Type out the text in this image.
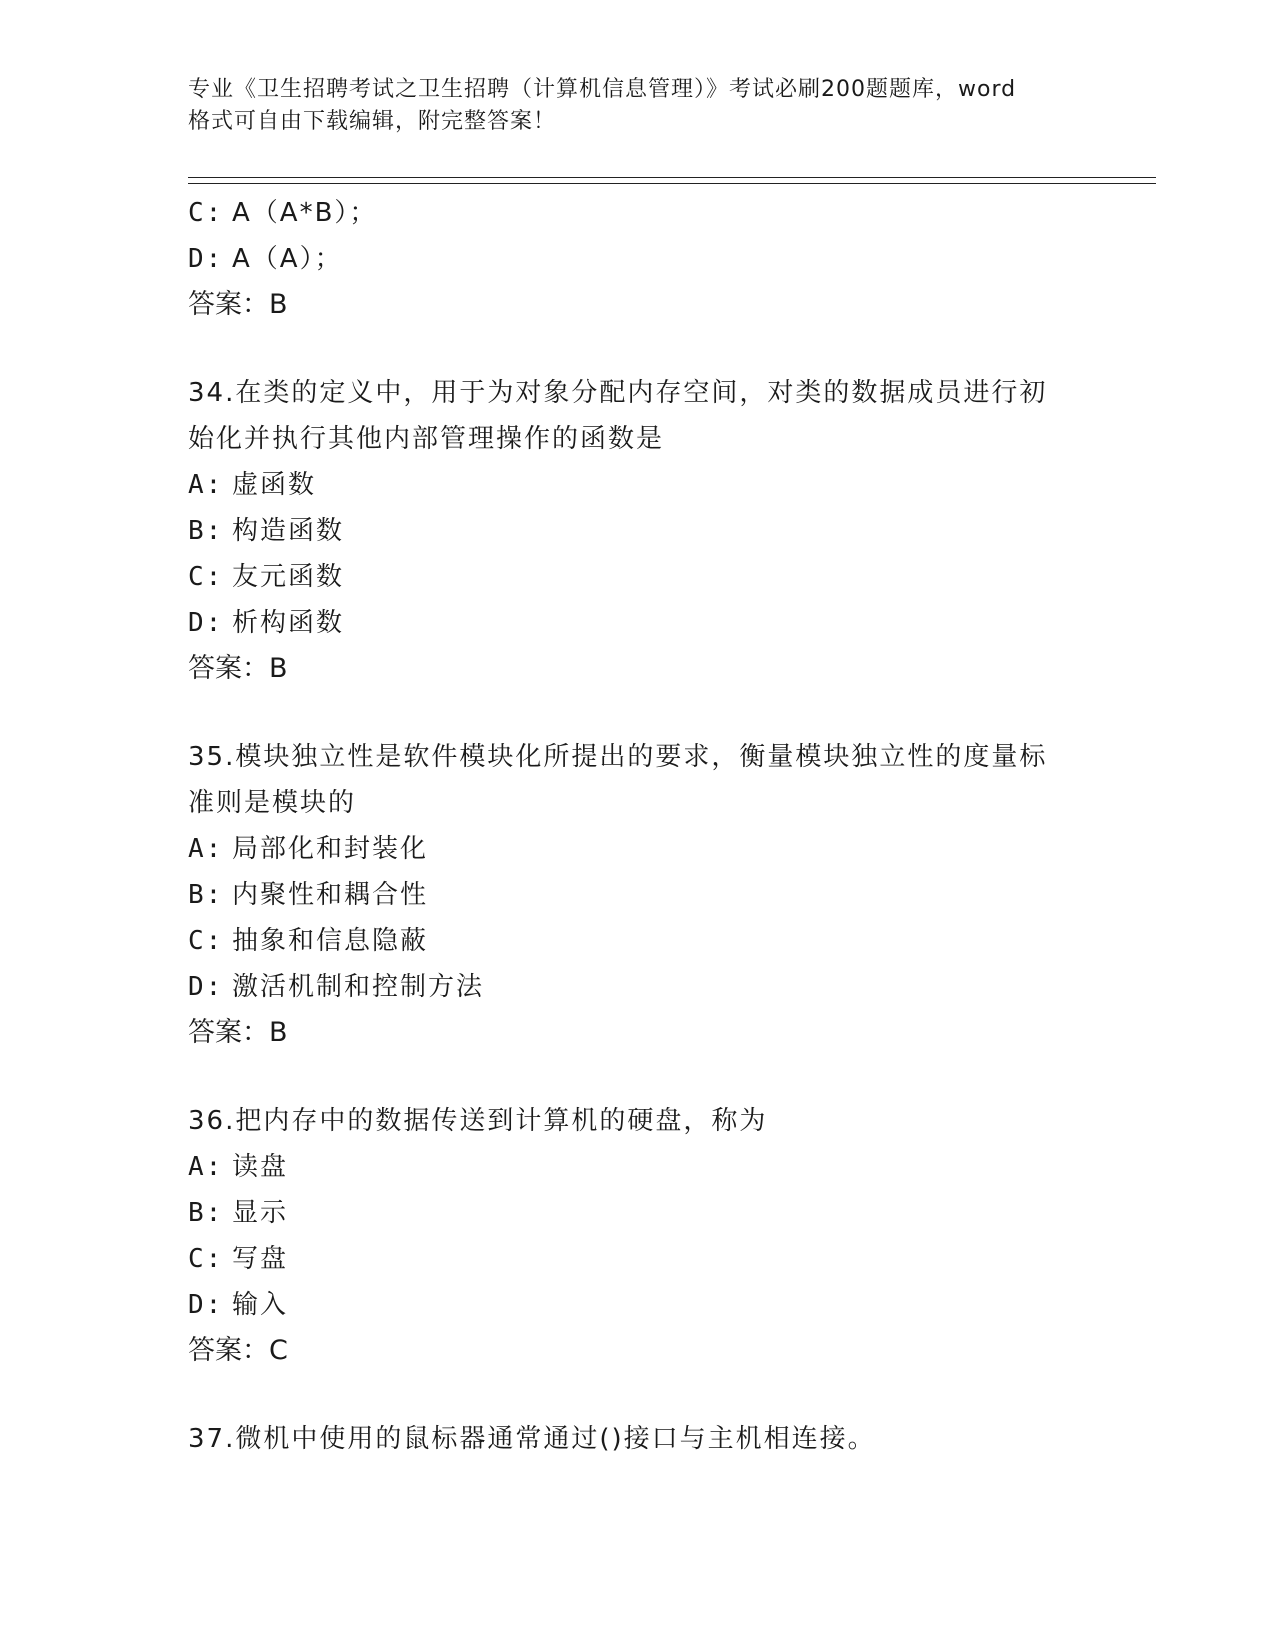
专业《卫生招聘考试之卫生招聘（计算机信息管理）》考试必刷200题题库，word
格式可自由下载编辑，附完整答案！
C: A（A*B）；
D: A（A）；
答案：B
34.在类的定义中，用于为对象分配内存空间，对类的数据成员进行初
始化并执行其他内部管理操作的函数是
A: 虚函数
B: 构造函数
C: 友元函数
D: 析构函数
答案：B
35.模块独立性是软件模块化所提出的要求，衡量模块独立性的度量标
准则是模块的
A: 局部化和封装化
B: 内聚性和耦合性
C: 抽象和信息隐蔽
D: 激活机制和控制方法
答案：B
36.把内存中的数据传送到计算机的硬盘，称为
A: 读盘
B: 显示
C: 写盘
D: 输入
答案：C
37.微机中使用的鼠标器通常通过()接口与主机相连接。
